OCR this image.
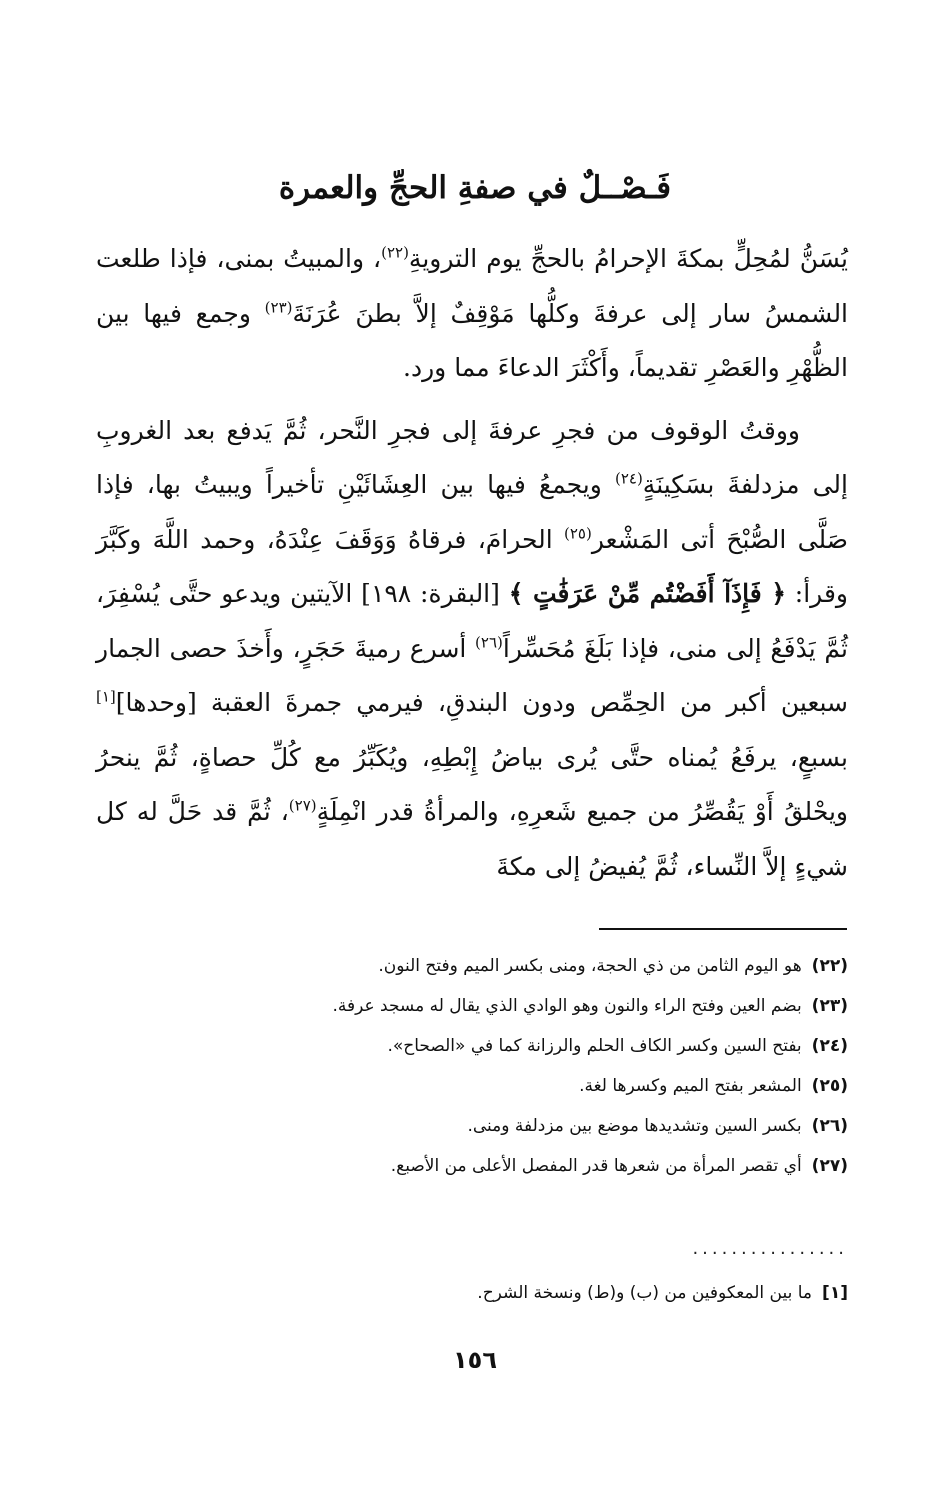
فَـصْــلٌ في صفةِ الحجِّ والعمرة

يُسَنُّ لمُحِلٍّ بمكةَ الإحرامُ بالحجِّ يوم الترويةِ$^{(٢٢)}$، والمبيتُ بمنى، فإذا طلعت الشمسُ سار إلى عرفةَ وكلُّها مَوْقِفٌ إلاَّ بطنَ عُرَنَةَ$^{(٢٣)}$ وجمع فيها بين الظُّهْرِ والعَصْرِ تقديماً، وأَكْثَرَ الدعاءَ مما ورد.

ووقتُ الوقوف من فجرِ عرفةَ إلى فجرِ النَّحر، ثُمَّ يَدفع بعد الغروبِ إلى مزدلفةَ بسَكِينَةٍ$^{(٢٤)}$ ويجمعُ فيها بين العِشَائَيْنِ تأخيراً ويبيتُ بها، فإذا صَلَّى الصُّبْحَ أتى المَشْعر$^{(٢٥)}$ الحرامَ، فرقاهُ وَوَقَفَ عِنْدَهُ، وحمد اللَّهَ وكَبَّرَ وقرأ: ﴿ فَإِذَآ أَفَضْتُم مِّنْ عَرَفَٰتٍ ﴾ [البقرة: ١٩٨] الآيتين ويدعو حتَّى يُسْفِرَ، ثُمَّ يَدْفَعُ إلى منى، فإذا بَلَغَ مُحَسِّراً$^{(٢٦)}$ أسرع رميةَ حَجَرٍ، وأَخذَ حصى الجمار سبعين أكبر من الحِمِّص ودون البندقِ، فيرمي جمرةَ العقبة [وحدها][١] بسبعٍ، يرفَعُ يُمناه حتَّى يُرى بياضُ إِبْطِهِ، ويُكَبِّرُ مع كُلِّ حصاةٍ، ثُمَّ ينحرُ ويحْلقُ أَوْ يَقُصِّرُ من جميع شَعرِهِ، والمرأةُ قدر انْمِلَةٍ$^{(٢٧)}$، ثُمَّ قد حَلَّ له كل شيءٍ إلاَّ النِّساء، ثُمَّ يُفيضُ إلى مكةَ

(٢٢)
هو اليوم الثامن من ذي الحجة، ومنى بكسر الميم وفتح النون.
(٢٣)
بضم العين وفتح الراء والنون وهو الوادي الذي يقال له مسجد عرفة.
(٢٤)
بفتح السين وكسر الكاف الحلم والرزانة كما في «الصحاح».
(٢٥)
المشعر بفتح الميم وكسرها لغة.
(٢٦)
بكسر السين وتشديدها موضع بين مزدلفة ومنى.
(٢٧)
أي تقصر المرأة من شعرها قدر المفصل الأعلى من الأصبع.
................
[١]
ما بين المعكوفين من (ب) و(ط) ونسخة الشرح.
١٥٦
